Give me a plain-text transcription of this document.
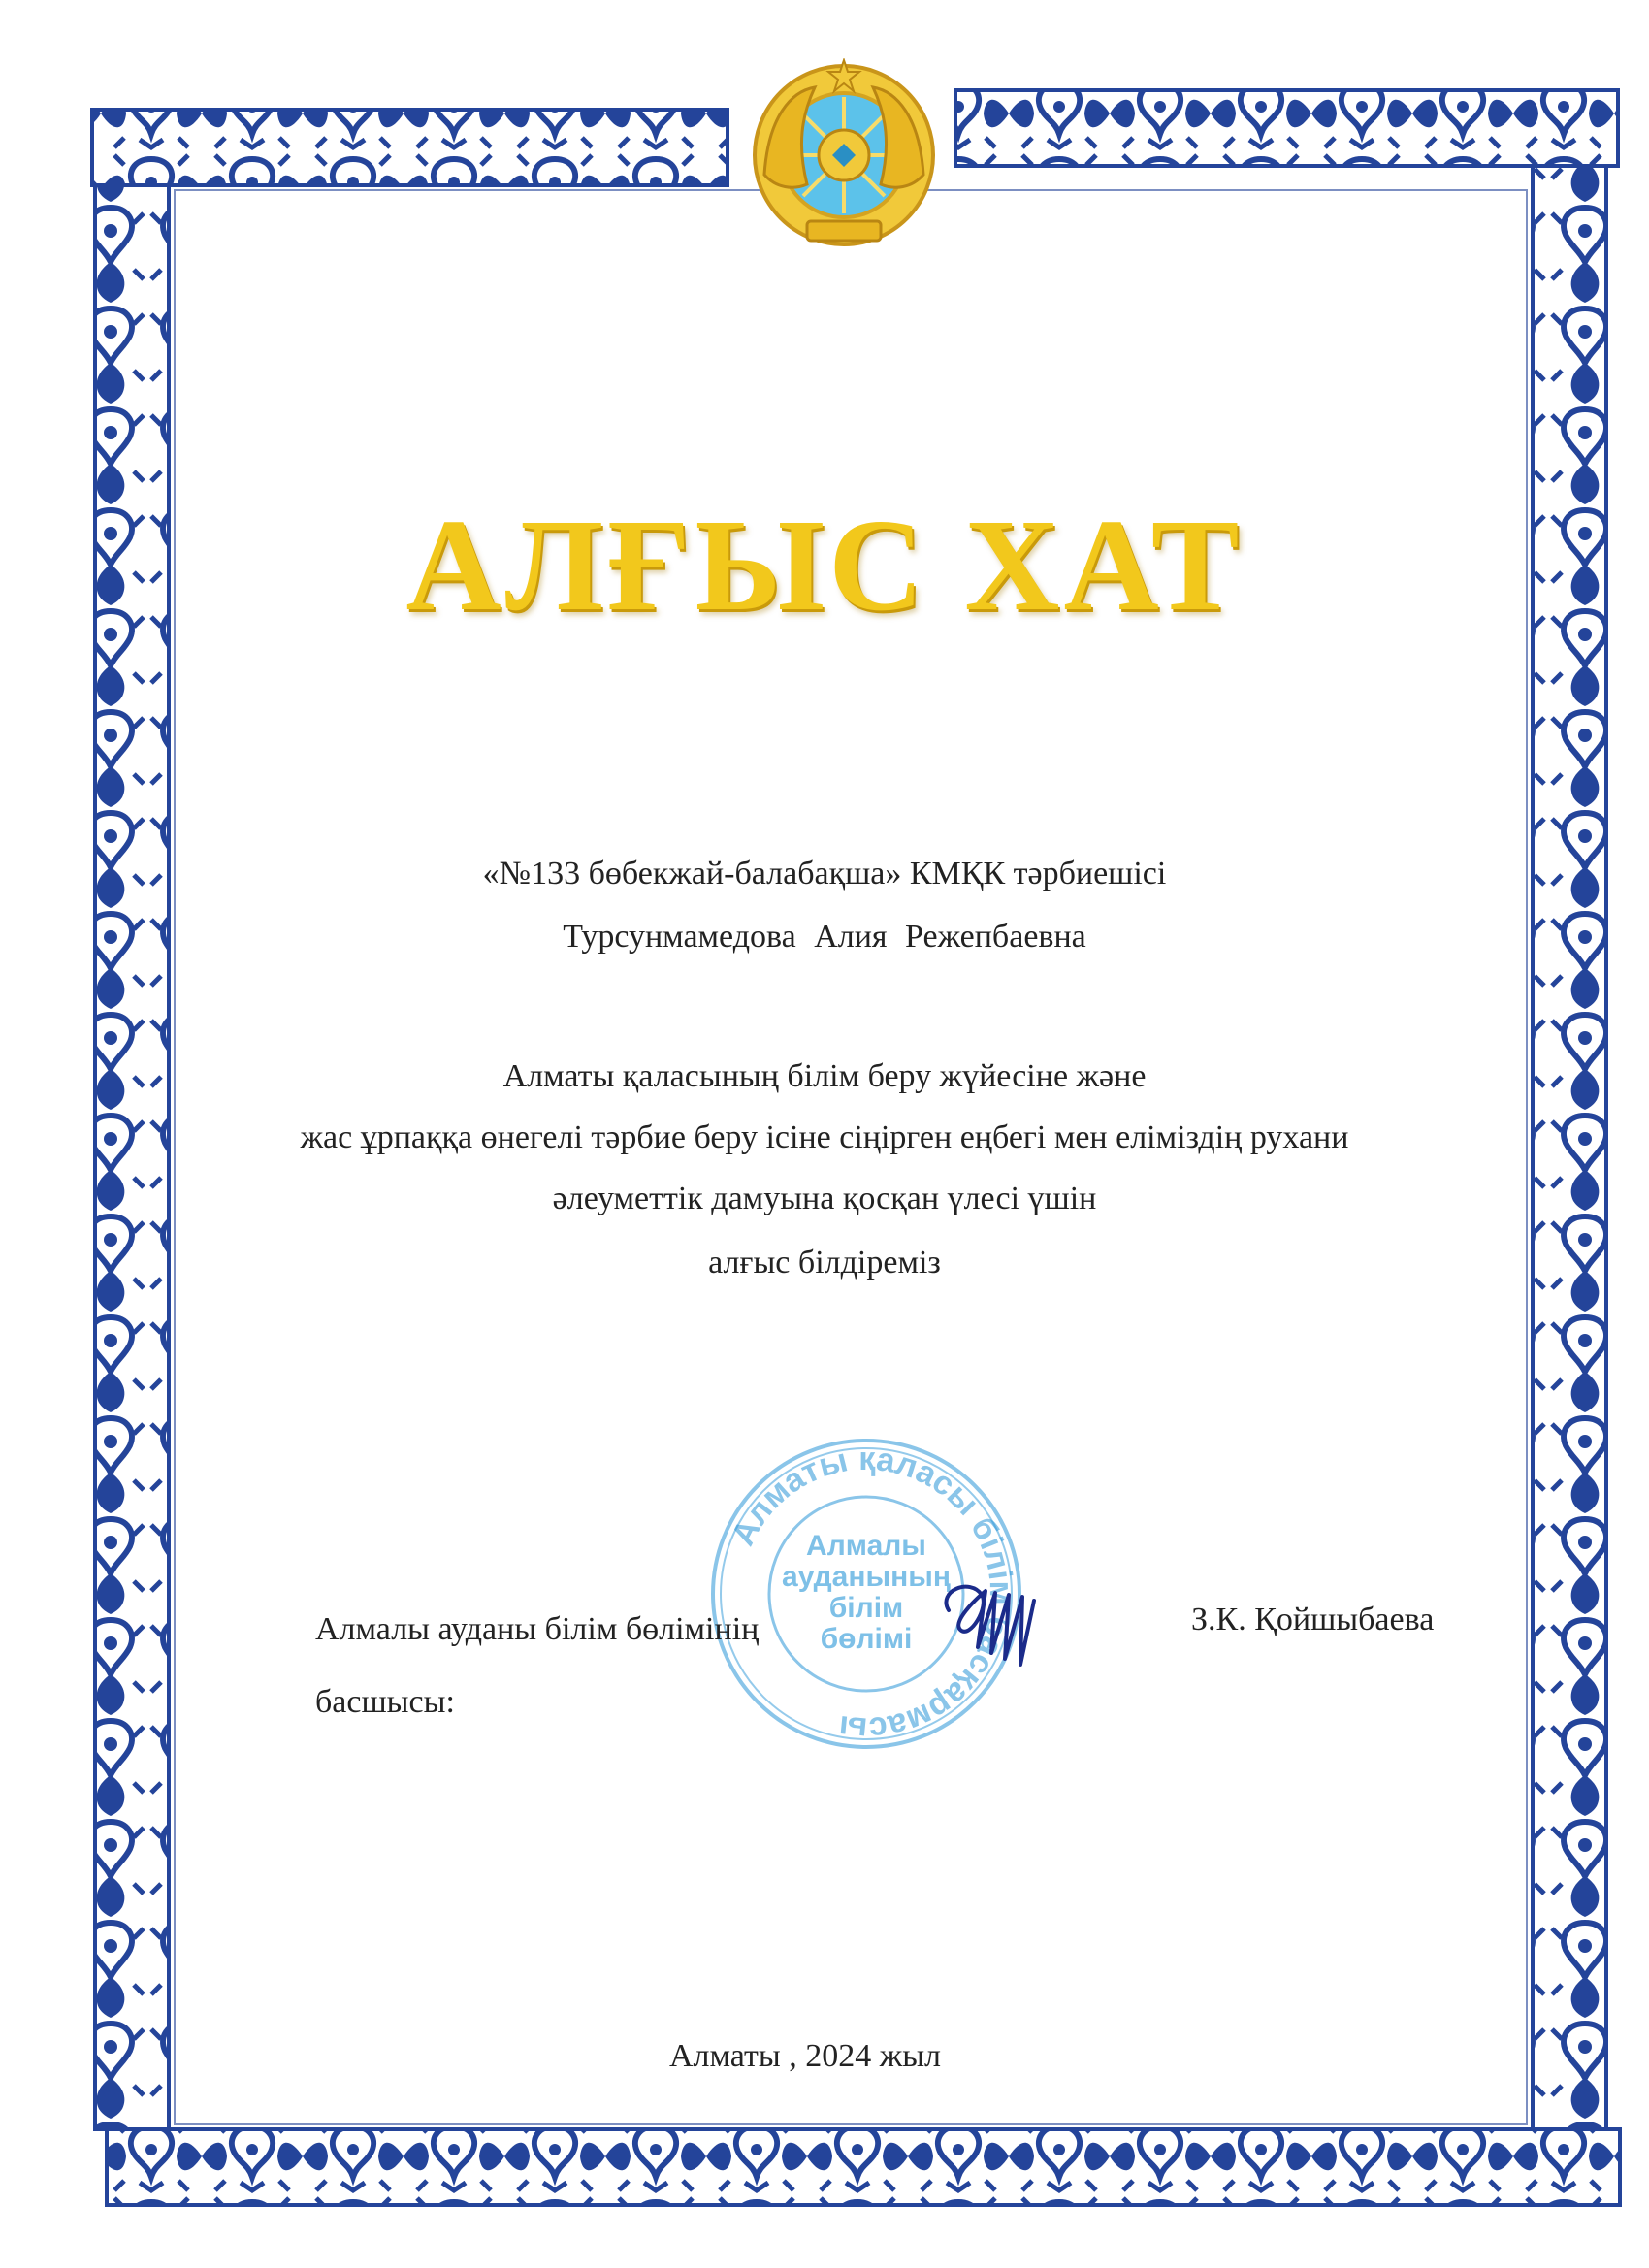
АЛҒЫС ХАТ
«№133 бөбекжай-балабақша» КМҚК тәрбиешісі
Турсунмамедова Алия Режепбаевна
Алматы қаласының білім беру жүйесіне және
жас ұрпаққа өнегелі тәрбие беру ісіне сіңірген еңбегі мен еліміздің рухани
әлеуметтік дамуына қосқан үлесі үшін
алғыс білдіреміз
Алматы қаласы білім басқармасы
Алмалы
ауданының
білім
бөлімі
Алмалы ауданы білім бөлімінің
басшысы:
З.К. Қойшыбаева
Алматы , 2024 жыл
